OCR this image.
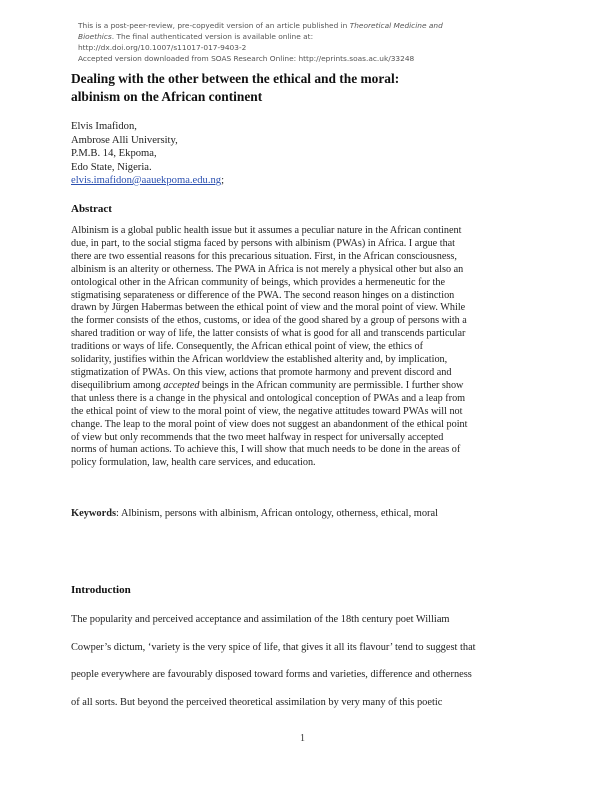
This is a post-peer-review, pre-copyedit version of an article published in Theoretical Medicine and
Bioethics. The final authenticated version is available online at:
http://dx.doi.org/10.1007/s11017-017-9403-2
Accepted version downloaded from SOAS Research Online: http://eprints.soas.ac.uk/33248
Dealing with the other between the ethical and the moral:
albinism on the African continent
Elvis Imafidon,
Ambrose Alli University,
P.M.B. 14, Ekpoma,
Edo State, Nigeria.
elvis.imafidon@aauekpoma.edu.ng;
Abstract
Albinism is a global public health issue but it assumes a peculiar nature in the African continent
due, in part, to the social stigma faced by persons with albinism (PWAs) in Africa. I argue that
there are two essential reasons for this precarious situation. First, in the African consciousness,
albinism is an alterity or otherness. The PWA in Africa is not merely a physical other but also an
ontological other in the African community of beings, which provides a hermeneutic for the
stigmatising separateness or difference of the PWA. The second reason hinges on a distinction
drawn by Jürgen Habermas between the ethical point of view and the moral point of view. While
the former consists of the ethos, customs, or idea of the good shared by a group of persons with a
shared tradition or way of life, the latter consists of what is good for all and transcends particular
traditions or ways of life. Consequently, the African ethical point of view, the ethics of
solidarity, justifies within the African worldview the established alterity and, by implication,
stigmatization of PWAs. On this view, actions that promote harmony and prevent discord and
disequilibrium among accepted beings in the African community are permissible. I further show
that unless there is a change in the physical and ontological conception of PWAs and a leap from
the ethical point of view to the moral point of view, the negative attitudes toward PWAs will not
change. The leap to the moral point of view does not suggest an abandonment of the ethical point
of view but only recommends that the two meet halfway in respect for universally accepted
norms of human actions. To achieve this, I will show that much needs to be done in the areas of
policy formulation, law, health care services, and education.
Keywords: Albinism, persons with albinism, African ontology, otherness, ethical, moral
Introduction
The popularity and perceived acceptance and assimilation of the 18th century poet William
Cowper’s dictum, ‘variety is the very spice of life, that gives it all its flavour’ tend to suggest that
people everywhere are favourably disposed toward forms and varieties, difference and otherness
of all sorts. But beyond the perceived theoretical assimilation by very many of this poetic
1
